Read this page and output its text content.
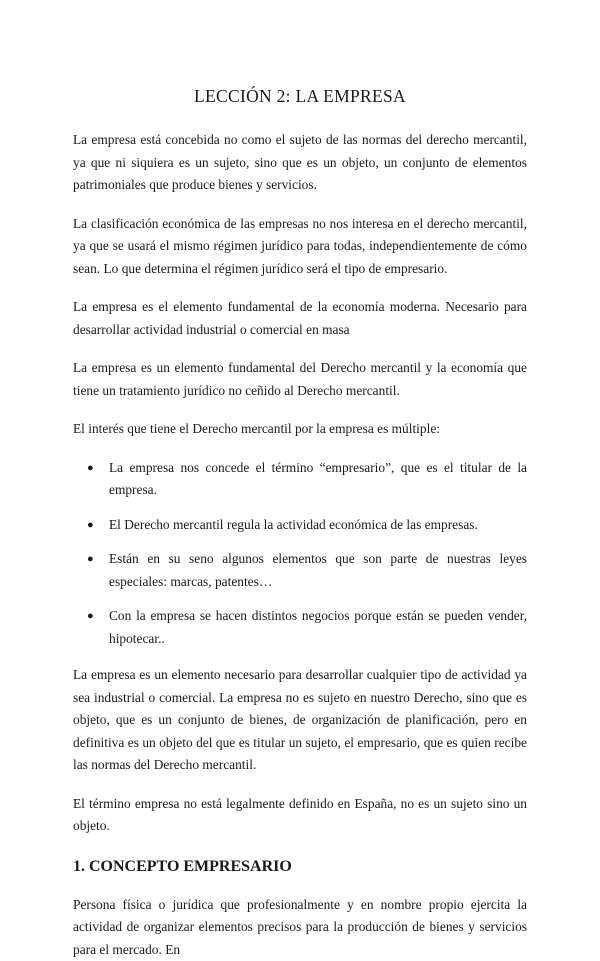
LECCIÓN 2: LA EMPRESA

La empresa está concebida no como el sujeto de las normas del derecho mercantil, ya que ni siquiera es un sujeto, sino que es un objeto, un conjunto de elementos patrimoniales que produce bienes y servicios.

La clasificación económica de las empresas no nos interesa en el derecho mercantil, ya que se usará el mismo régimen jurídico para todas, independientemente de cómo sean. Lo que determina el régimen jurídico será el tipo de empresario.

La empresa es el elemento fundamental de la economía moderna. Necesario para desarrollar actividad industrial o comercial en masa

La empresa es un elemento fundamental del Derecho mercantil y la economía que tiene un tratamiento jurídico no ceñido al Derecho mercantil.

El interés que tiene el Derecho mercantil por la empresa es múltiple:

● La empresa nos concede el término “empresario”, que es el titular de la empresa.
● El Derecho mercantil regula la actividad económica de las empresas.
● Están en su seno algunos elementos que son parte de nuestras leyes especiales: marcas, patentes…
● Con la empresa se hacen distintos negocios porque están se pueden vender, hipotecar..

La empresa es un elemento necesario para desarrollar cualquier tipo de actividad ya sea industrial o comercial. La empresa no es sujeto en nuestro Derecho, sino que es objeto, que es un conjunto de bienes, de organización de planificación, pero en definitiva es un objeto del que es titular un sujeto, el empresario, que es quien recibe las normas del Derecho mercantil.

El término empresa no está legalmente definido en España, no es un sujeto sino un objeto.

1. CONCEPTO EMPRESARIO

Persona física o jurídica que profesionalmente y en nombre propio ejercita la actividad de organizar elementos precisos para la producción de bienes y servicios para el mercado. En
